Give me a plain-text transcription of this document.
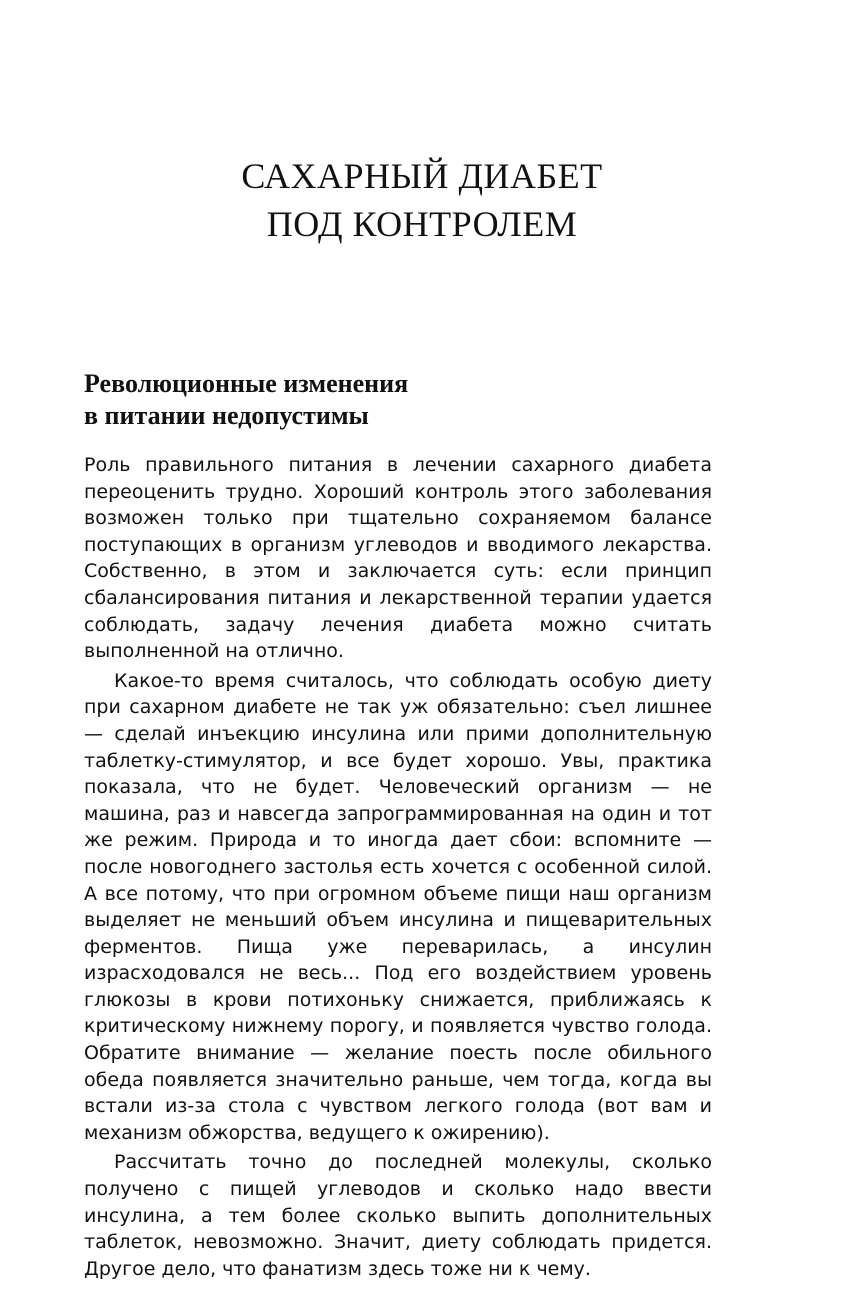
САХАРНЫЙ ДИАБЕТ
ПОД КОНТРОЛЕМ
Революционные изменения
в питании недопустимы

Роль правильного питания в лечении сахарного диабета переоценить трудно. Хороший контроль этого заболевания возможен только при тщательно сохраняемом балансе поступающих в организм углеводов и вводимого лекарства. Собственно, в этом и заключается суть: если принцип сбалансирования питания и лекарственной терапии удается соблюдать, задачу лечения диабета можно считать выполненной на отлично.

Какое-то время считалось, что соблюдать особую диету при сахарном диабете не так уж обязательно: съел лишнее — сделай инъекцию инсулина или прими дополнительную таблетку-стимулятор, и все будет хорошо. Увы, практика показала, что не будет. Человеческий организм — не машина, раз и навсегда запрограммированная на один и тот же режим. Природа и то иногда дает сбои: вспомните — после новогоднего застолья есть хочется с особенной силой. А все потому, что при огромном объеме пищи наш организм выделяет не меньший объем инсулина и пищеварительных ферментов. Пища уже переварилась, а инсулин израсходовался не весь... Под его воздействием уровень глюкозы в крови потихоньку снижается, приближаясь к критическому нижнему порогу, и появляется чувство голода. Обратите внимание — желание поесть после обильного обеда появляется значительно раньше, чем тогда, когда вы встали из-за стола с чувством легкого голода (вот вам и механизм обжорства, ведущего к ожирению).

Рассчитать точно до последней молекулы, сколько получено с пищей углеводов и сколько надо ввести инсулина, а тем более сколько выпить дополнительных таблеток, невозможно. Значит, диету соблюдать придется. Другое дело, что фанатизм здесь тоже ни к чему.
